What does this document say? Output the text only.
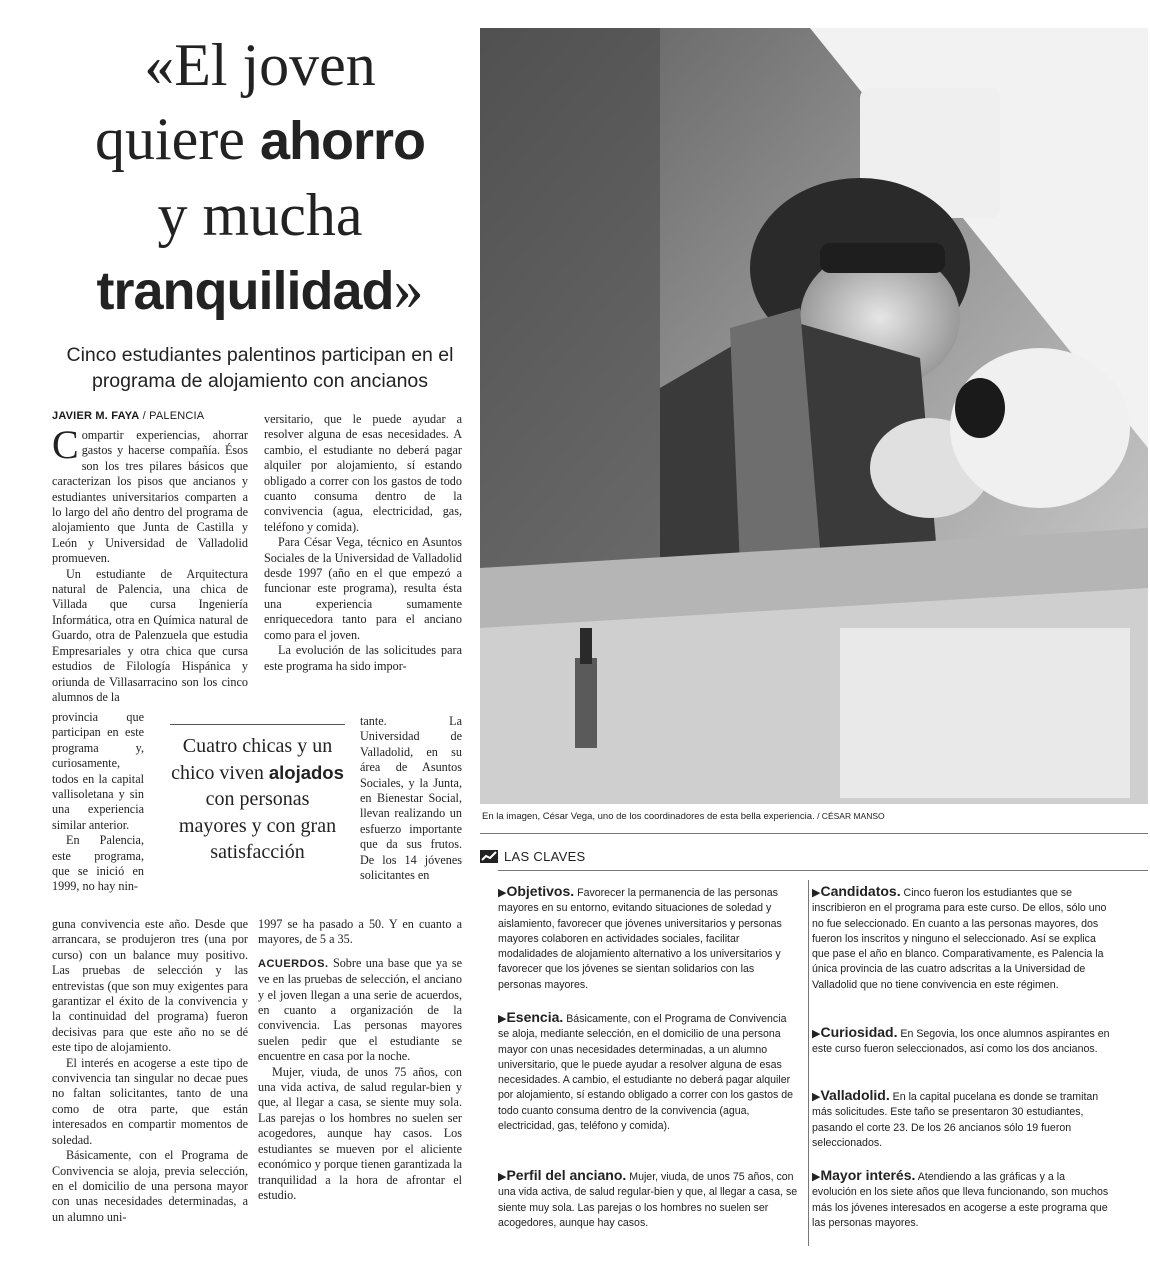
«El joven
quiere ahorro
y mucha
tranquilidad»
Cinco estudiantes palentinos participan en el programa de alojamiento con ancianos
JAVIER M. FAYA / PALENCIA

Compartir experiencias, ahorrar gastos y hacerse compañía. Ésos son los tres pilares básicos que caracterizan los pisos que ancianos y estudiantes universitarios comparten a lo largo del año dentro del programa de alojamiento que Junta de Castilla y León y Universidad de Valladolid promueven.

Un estudiante de Arquitectura natural de Palencia, una chica de Villada que cursa Ingeniería Informática, otra en Química natural de Guardo, otra de Palenzuela que estudia Empresariales y otra chica que cursa estudios de Filología Hispánica y oriunda de Villasarracino son los cinco alumnos de la

provincia que participan en este programa y, curiosamente, todos en la capital vallisoletana y sin una experiencia similar anterior.

En Palencia, este programa, que se inició en 1999, no hay nin-

guna convivencia este año. Desde que arrancara, se produjeron tres (una por curso) con un balance muy positivo. Las pruebas de selección y las entrevistas (que son muy exigentes para garantizar el éxito de la convivencia y la continuidad del programa) fueron decisivas para que este año no se dé este tipo de alojamiento.

El interés en acogerse a este tipo de convivencia tan singular no decae pues no faltan solicitantes, tanto de una como de otra parte, que están interesados en compartir momentos de soledad.

Básicamente, con el Programa de Convivencia se aloja, previa selección, en el domicilio de una persona mayor con unas necesidades determinadas, a un alumno uni-

versitario, que le puede ayudar a resolver alguna de esas necesidades. A cambio, el estudiante no deberá pagar alquiler por alojamiento, sí estando obligado a correr con los gastos de todo cuanto consuma dentro de la convivencia (agua, electricidad, gas, teléfono y comida).

Para César Vega, técnico en Asuntos Sociales de la Universidad de Valladolid desde 1997 (año en el que empezó a funcionar este programa), resulta ésta una experiencia sumamente enriquecedora tanto para el anciano como para el joven.

La evolución de las solicitudes para este programa ha sido impor-

tante. La Universidad de Valladolid, en su área de Asuntos Sociales, y la Junta, en Bienestar Social, llevan realizando un esfuerzo importante que da sus frutos. De los 14 jóvenes solicitantes en

1997 se ha pasado a 50. Y en cuanto a mayores, de 5 a 35.

ACUERDOS. Sobre una base que ya se ve en las pruebas de selección, el anciano y el joven llegan a una serie de acuerdos, en cuanto a organización de la convivencia. Las personas mayores suelen pedir que el estudiante se encuentre en casa por la noche.

Mujer, viuda, de unos 75 años, con una vida activa, de salud regular-bien y que, al llegar a casa, se siente muy sola. Las parejas o los hombres no suelen ser acogedores, aunque hay casos. Los estudiantes se mueven por el aliciente económico y porque tienen garantizada la tranquilidad a la hora de afrontar el estudio.

Cuatro chicas y un chico viven alojados con personas mayores y con gran satisfacción
En la imagen, César Vega, uno de los coordinadores de esta bella experiencia. / CÉSAR MANSO
LAS CLAVES
▶Objetivos. Favorecer la permanencia de las personas mayores en su entorno, evitando situaciones de soledad y aislamiento, favorecer que jóvenes universitarios y personas mayores colaboren en actividades sociales, facilitar modalidades de alojamiento alternativo a los universitarios y favorecer que los jóvenes se sientan solidarios con las personas mayores.
▶Esencia. Básicamente, con el Programa de Convivencia se aloja, mediante selección, en el domicilio de una persona mayor con unas necesidades determinadas, a un alumno universitario, que le puede ayudar a resolver alguna de esas necesidades. A cambio, el estudiante no deberá pagar alquiler por alojamiento, sí estando obligado a correr con los gastos de todo cuanto consuma dentro de la convivencia (agua, electricidad, gas, teléfono y comida).
▶Perfil del anciano. Mujer, viuda, de unos 75 años, con una vida activa, de salud regular-bien y que, al llegar a casa, se siente muy sola. Las parejas o los hombres no suelen ser acogedores, aunque hay casos.
▶Candidatos. Cinco fueron los estudiantes que se inscribieron en el programa para este curso. De ellos, sólo uno no fue seleccionado. En cuanto a las personas mayores, dos fueron los inscritos y ninguno el seleccionado. Así se explica que pase el año en blanco. Comparativamente, es Palencia la única provincia de las cuatro adscritas a la Universidad de Valladolid que no tiene convivencia en este régimen.
▶Curiosidad. En Segovia, los once alumnos aspirantes en este curso fueron seleccionados, así como los dos ancianos.
▶Valladolid. En la capital pucelana es donde se tramitan más solicitudes. Este taño se presentaron 30 estudiantes, pasando el corte 23. De los 26 ancianos sólo 19 fueron seleccionados.
▶Mayor interés. Atendiendo a las gráficas y a la evolución en los siete años que lleva funcionando, son muchos más los jóvenes interesados en acogerse a este programa que las personas mayores.
